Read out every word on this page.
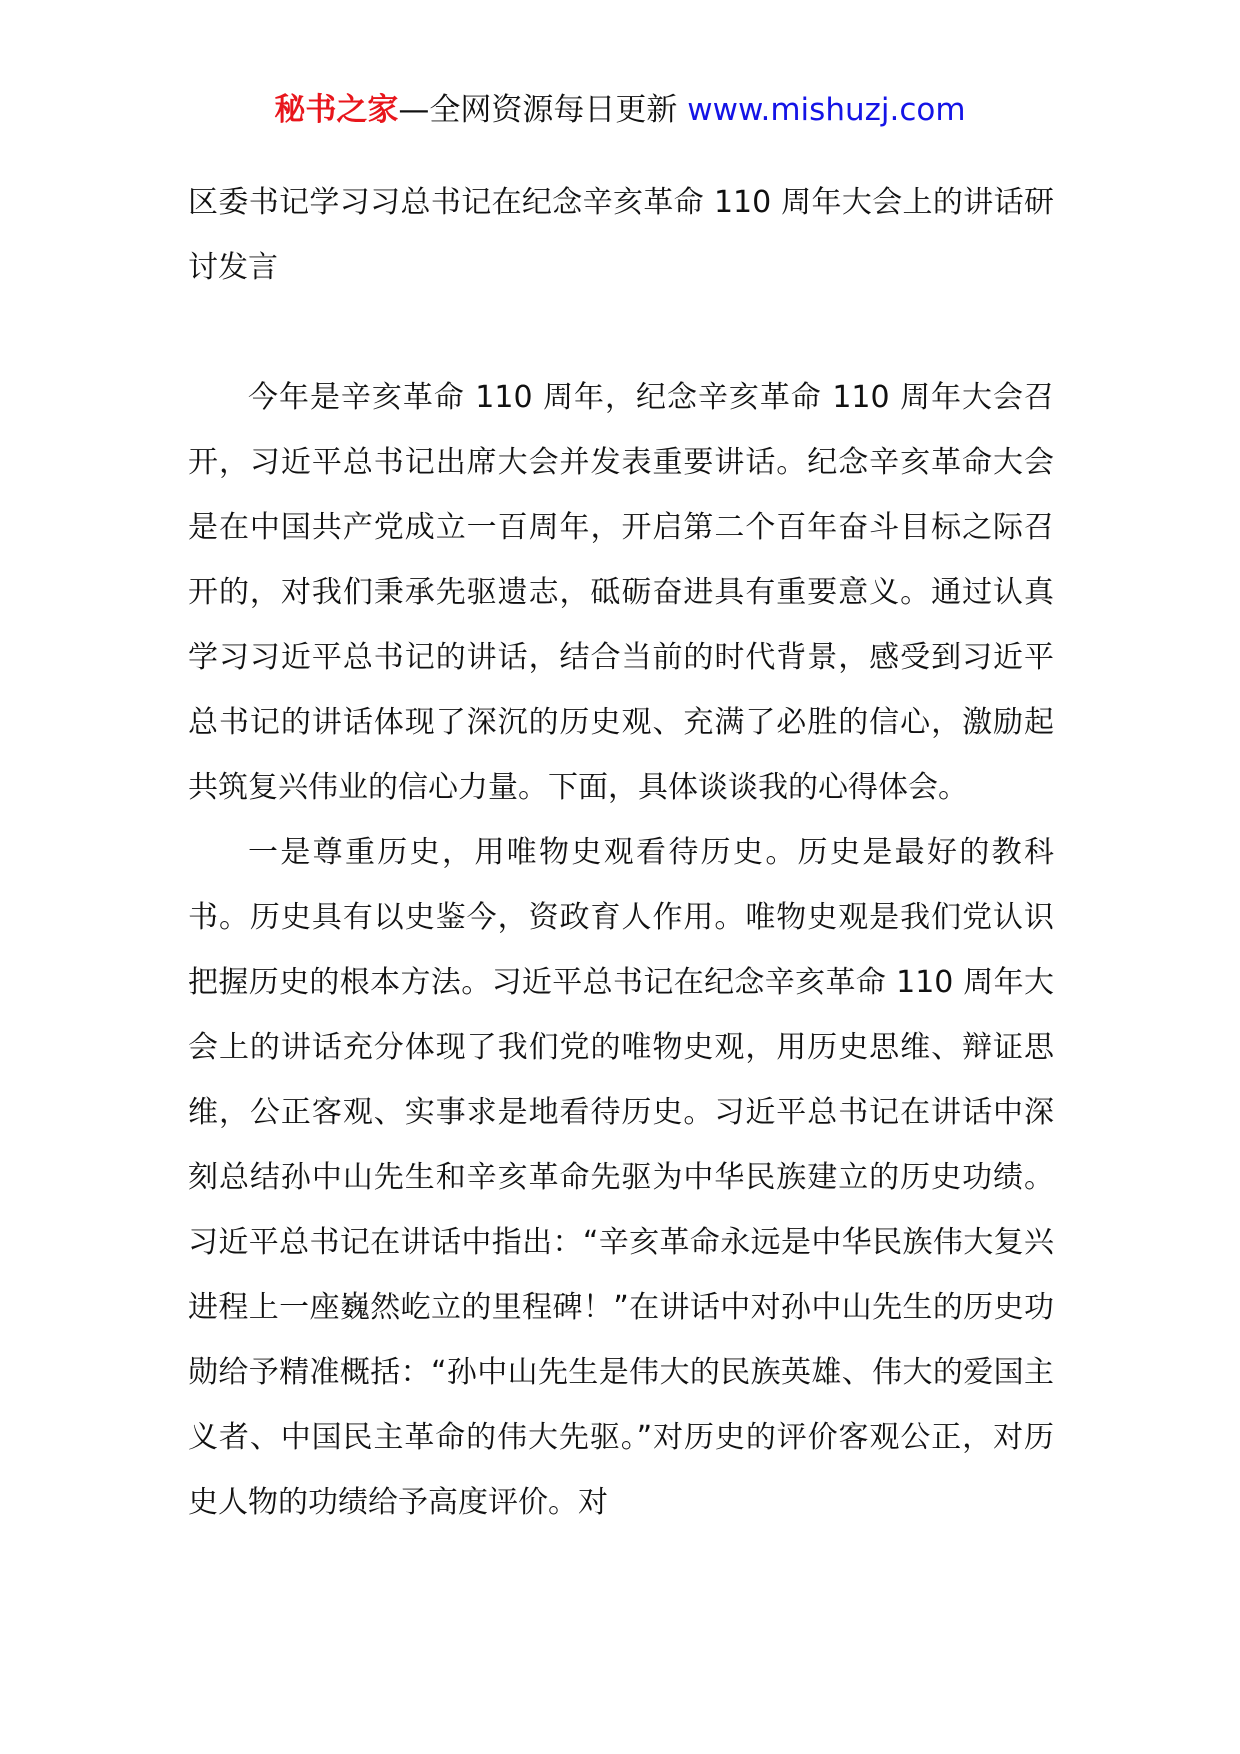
秘书之家—全网资源每日更新 www.mishuzj.com
区委书记学习习总书记在纪念辛亥革命 110 周年大会上的讲话研讨发言

今年是辛亥革命 110 周年，纪念辛亥革命 110 周年大会召开，习近平总书记出席大会并发表重要讲话。纪念辛亥革命大会是在中国共产党成立一百周年，开启第二个百年奋斗目标之际召开的，对我们秉承先驱遗志，砥砺奋进具有重要意义。通过认真学习习近平总书记的讲话，结合当前的时代背景，感受到习近平总书记的讲话体现了深沉的历史观、充满了必胜的信心，激励起共筑复兴伟业的信心力量。下面，具体谈谈我的心得体会。

一是尊重历史，用唯物史观看待历史。历史是最好的教科书。历史具有以史鉴今，资政育人作用。唯物史观是我们党认识把握历史的根本方法。习近平总书记在纪念辛亥革命 110 周年大会上的讲话充分体现了我们党的唯物史观，用历史思维、辩证思维，公正客观、实事求是地看待历史。习近平总书记在讲话中深刻总结孙中山先生和辛亥革命先驱为中华民族建立的历史功绩。习近平总书记在讲话中指出：“辛亥革命永远是中华民族伟大复兴进程上一座巍然屹立的里程碑！”在讲话中对孙中山先生的历史功勋给予精准概括：“孙中山先生是伟大的民族英雄、伟大的爱国主义者、中国民主革命的伟大先驱。”对历史的评价客观公正，对历史人物的功绩给予高度评价。对
